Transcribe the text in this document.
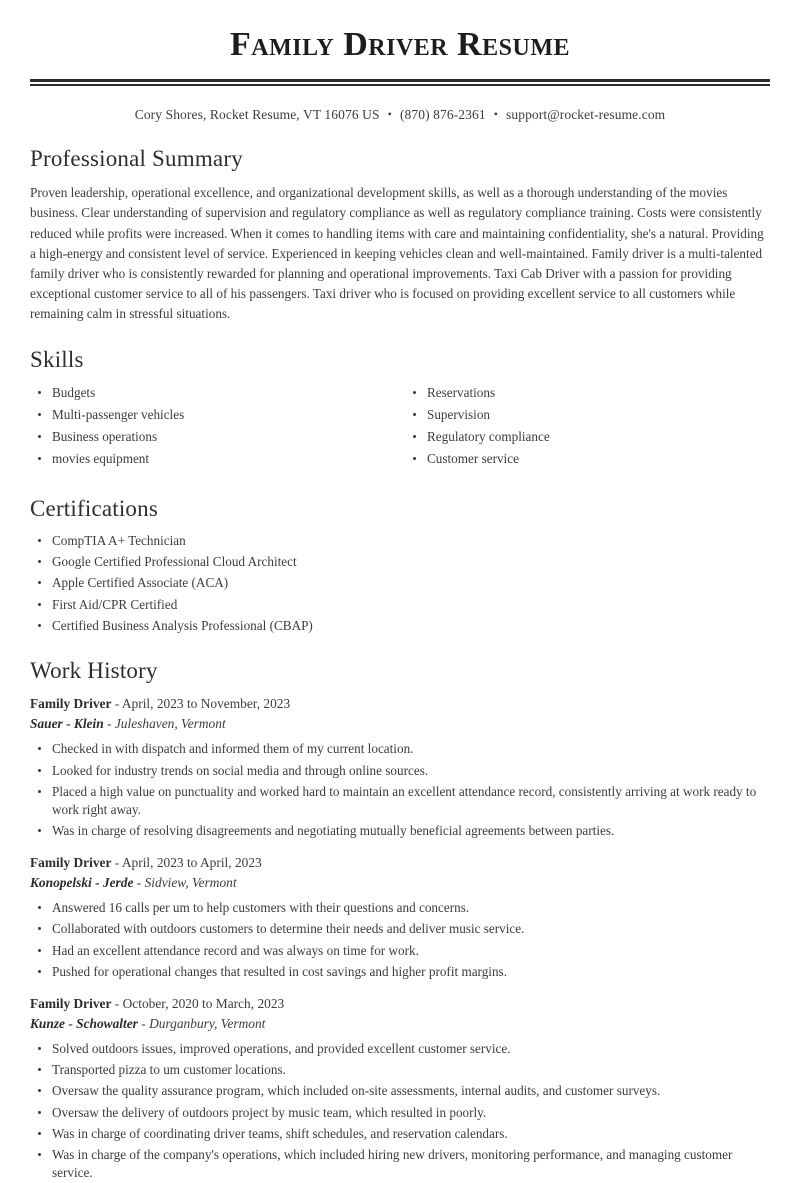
Family Driver Resume
Cory Shores, Rocket Resume, VT 16076 US • (870) 876-2361 • support@rocket-resume.com
Professional Summary

Proven leadership, operational excellence, and organizational development skills, as well as a thorough understanding of the movies business. Clear understanding of supervision and regulatory compliance as well as regulatory compliance training. Costs were consistently reduced while profits were increased. When it comes to handling items with care and maintaining confidentiality, she's a natural. Providing a high-energy and consistent level of service. Experienced in keeping vehicles clean and well-maintained. Family driver is a multi-talented family driver who is consistently rewarded for planning and operational improvements. Taxi Cab Driver with a passion for providing exceptional customer service to all of his passengers. Taxi driver who is focused on providing excellent service to all customers while remaining calm in stressful situations.

Skills
Budgets
Multi-passenger vehicles
Business operations
movies equipment
Reservations
Supervision
Regulatory compliance
Customer service
Certifications
CompTIA A+ Technician
Google Certified Professional Cloud Architect
Apple Certified Associate (ACA)
First Aid/CPR Certified
Certified Business Analysis Professional (CBAP)
Work History
Family Driver - April, 2023 to November, 2023
Sauer - Klein - Juleshaven, Vermont
Checked in with dispatch and informed them of my current location.
Looked for industry trends on social media and through online sources.
Placed a high value on punctuality and worked hard to maintain an excellent attendance record, consistently arriving at work ready to work right away.
Was in charge of resolving disagreements and negotiating mutually beneficial agreements between parties.
Family Driver - April, 2023 to April, 2023
Konopelski - Jerde - Sidview, Vermont
Answered 16 calls per um to help customers with their questions and concerns.
Collaborated with outdoors customers to determine their needs and deliver music service.
Had an excellent attendance record and was always on time for work.
Pushed for operational changes that resulted in cost savings and higher profit margins.
Family Driver - October, 2020 to March, 2023
Kunze - Schowalter - Durganbury, Vermont
Solved outdoors issues, improved operations, and provided excellent customer service.
Transported pizza to um customer locations.
Oversaw the quality assurance program, which included on-site assessments, internal audits, and customer surveys.
Oversaw the delivery of outdoors project by music team, which resulted in poorly.
Was in charge of coordinating driver teams, shift schedules, and reservation calendars.
Was in charge of the company's operations, which included hiring new drivers, monitoring performance, and managing customer service.
